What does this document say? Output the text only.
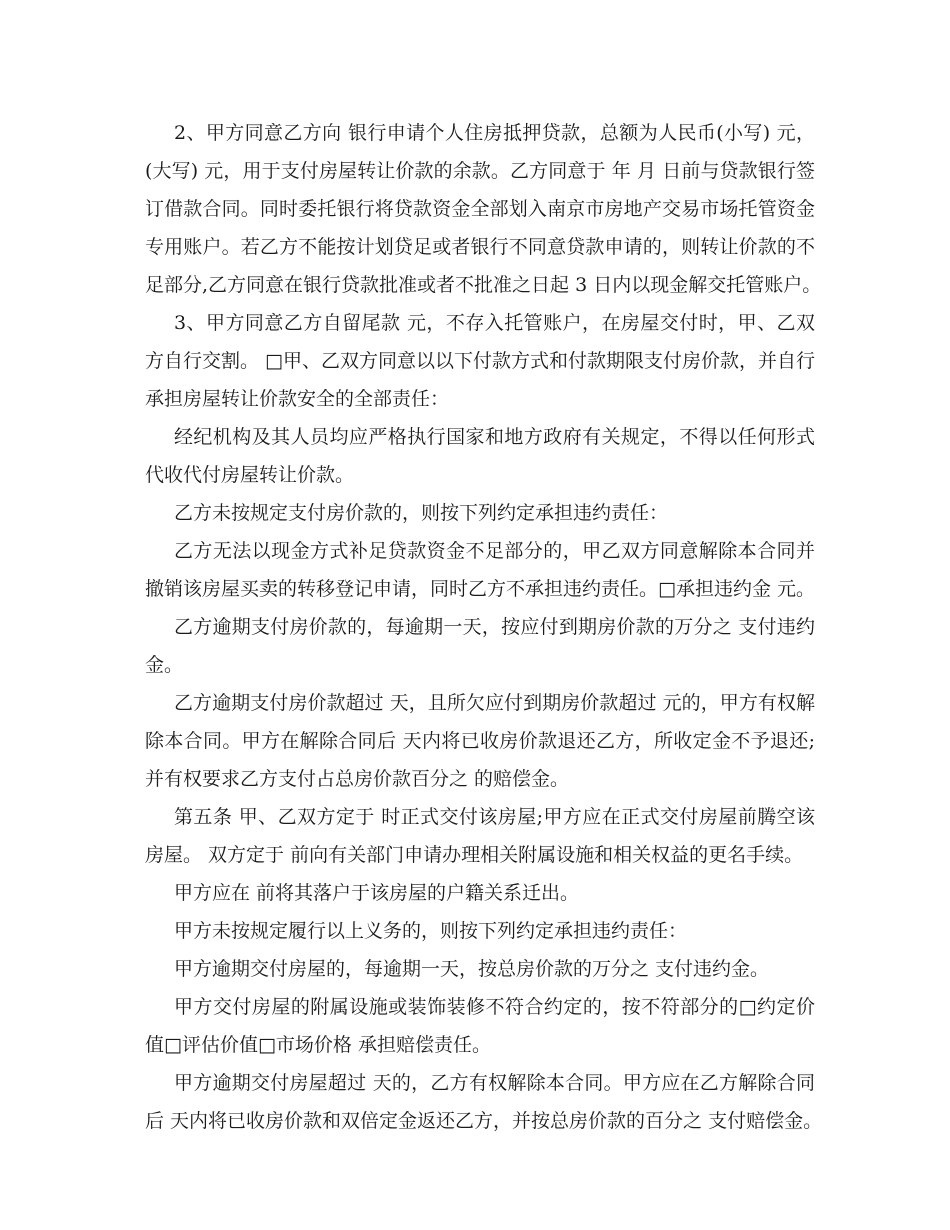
2、甲方同意乙方向 银行申请个人住房抵押贷款，总额为人民币(小写) 元，
(大写) 元，用于支付房屋转让价款的余款。乙方同意于 年 月 日前与贷款银行签
订借款合同。同时委托银行将贷款资金全部划入南京市房地产交易市场托管资金
专用账户。若乙方不能按计划贷足或者银行不同意贷款申请的，则转让价款的不
足部分,乙方同意在银行贷款批准或者不批准之日起 3 日内以现金解交托管账户。
3、甲方同意乙方自留尾款 元，不存入托管账户，在房屋交付时，甲、乙双
方自行交割。 □甲、乙双方同意以以下付款方式和付款期限支付房价款，并自行
承担房屋转让价款安全的全部责任：
经纪机构及其人员均应严格执行国家和地方政府有关规定，不得以任何形式
代收代付房屋转让价款。
乙方未按规定支付房价款的，则按下列约定承担违约责任：
乙方无法以现金方式补足贷款资金不足部分的，甲乙双方同意解除本合同并
撤销该房屋买卖的转移登记申请，同时乙方不承担违约责任。□承担违约金 元。
乙方逾期支付房价款的，每逾期一天，按应付到期房价款的万分之 支付违约
金。
乙方逾期支付房价款超过 天，且所欠应付到期房价款超过 元的，甲方有权解
除本合同。甲方在解除合同后 天内将已收房价款退还乙方，所收定金不予退还;
并有权要求乙方支付占总房价款百分之 的赔偿金。
第五条 甲、乙双方定于 时正式交付该房屋;甲方应在正式交付房屋前腾空该
房屋。 双方定于 前向有关部门申请办理相关附属设施和相关权益的更名手续。
甲方应在 前将其落户于该房屋的户籍关系迁出。
甲方未按规定履行以上义务的，则按下列约定承担违约责任：
甲方逾期交付房屋的，每逾期一天，按总房价款的万分之 支付违约金。
甲方交付房屋的附属设施或装饰装修不符合约定的，按不符部分的□约定价
值□评估价值□市场价格 承担赔偿责任。
甲方逾期交付房屋超过 天的，乙方有权解除本合同。甲方应在乙方解除合同
后 天内将已收房价款和双倍定金返还乙方，并按总房价款的百分之 支付赔偿金。
